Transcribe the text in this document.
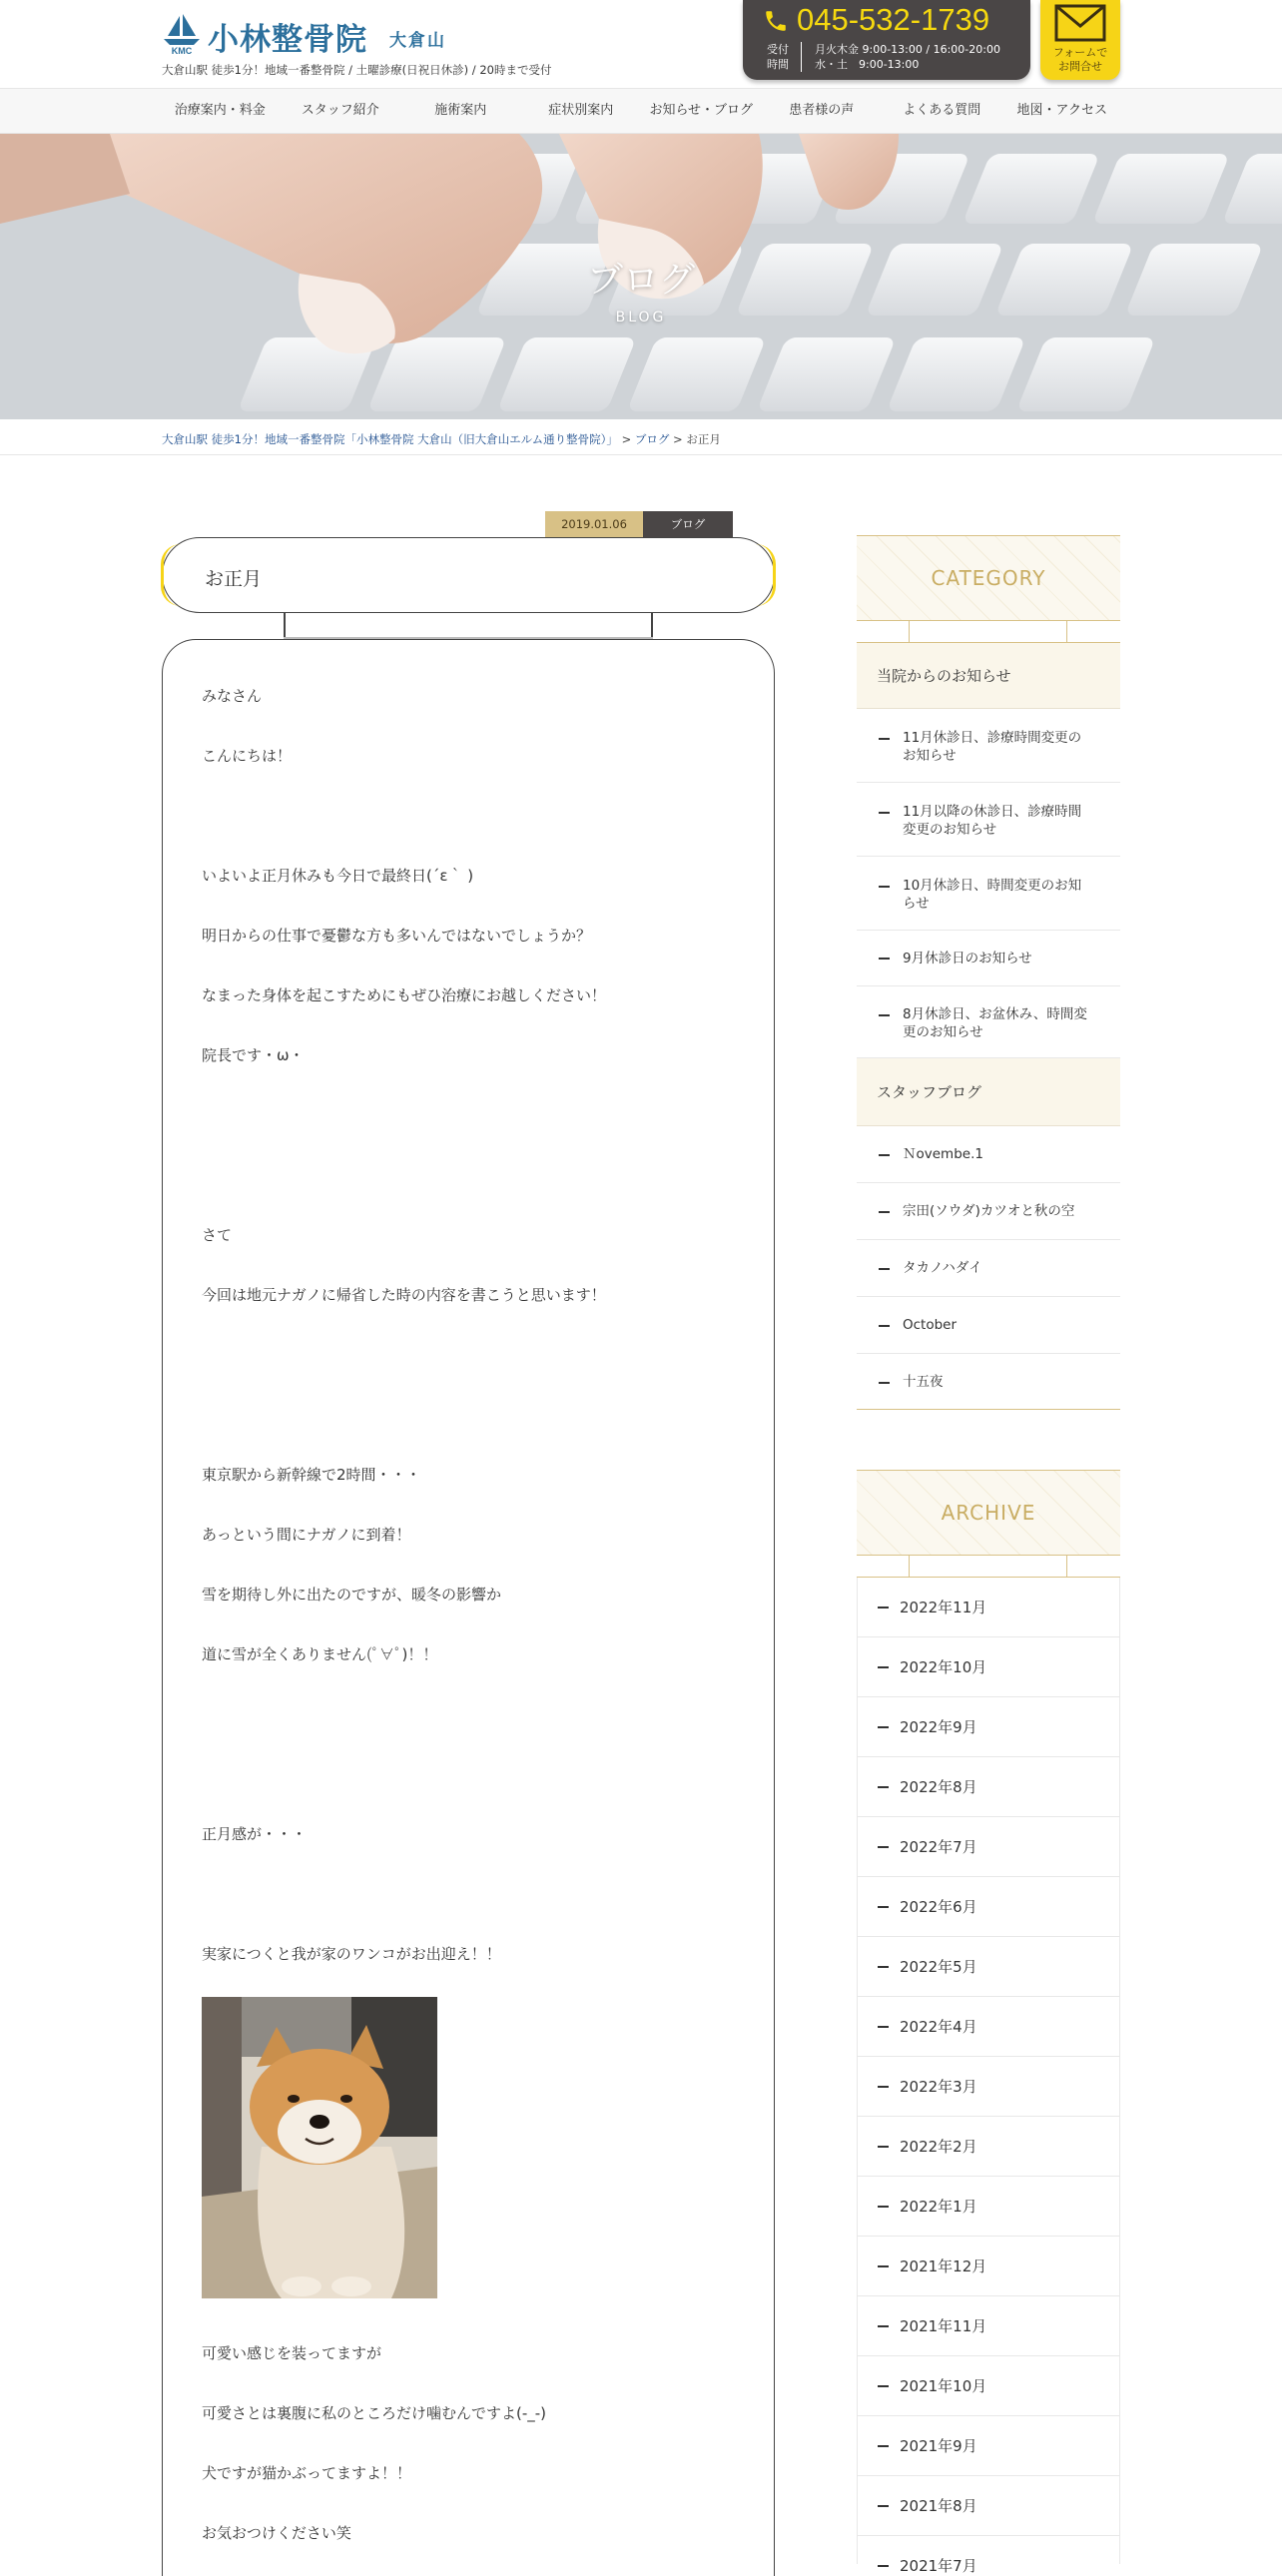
KMC 小林整骨院 大倉山
大倉山駅 徒歩1分！地域一番整骨院 / 土曜診療(日祝日休診) / 20時まで受付
045-532-1739
受付
時間
月火木金 9:00-13:00 / 16:00-20:00
水・土　9:00-13:00
フォームで
お問合せ
治療案内・料金	スタッフ紹介	施術案内	症状別案内	お知らせ・ブログ	患者様の声	よくある質問	地図・アクセス
ブログ
BLOG
大倉山駅 徒歩1分！地域一番整骨院「小林整骨院 大倉山（旧大倉山エルム通り整骨院）」 > ブログ > お正月
2019.01.06	ブログ
お正月
みなさん
こんにちは！
いよいよ正月休みも今日で最終日(´ε｀ )
明日からの仕事で憂鬱な方も多いんではないでしょうか？
なまった身体を起こすためにもぜひ治療にお越しください！
院長です・ω・
さて
今回は地元ナガノに帰省した時の内容を書こうと思います！
東京駅から新幹線で2時間・・・
あっという間にナガノに到着！
雪を期待し外に出たのですが、暖冬の影響か
道に雪が全くありません(ﾟ∀ﾟ)！！
正月感が・・・
実家につくと我が家のワンコがお出迎え！！
可愛い感じを装ってますが
可愛さとは裏腹に私のところだけ噛むんですよ(-_-)
犬ですが猫かぶってますよ！！
お気おつけください笑
CATEGORY
当院からのお知らせ
11月休診日、診療時間変更の
お知らせ
11月以降の休診日、診療時間
変更のお知らせ
10月休診日、時間変更のお知
らせ
9月休診日のお知らせ
8月休診日、お盆休み、時間変
更のお知らせ
スタッフブログ
Ｎovembe.1
宗田(ソウダ)カツオと秋の空
タカノハダイ
October
十五夜
ARCHIVE
2022年11月
2022年10月
2022年9月
2022年8月
2022年7月
2022年6月
2022年5月
2022年4月
2022年3月
2022年2月
2022年1月
2021年12月
2021年11月
2021年10月
2021年9月
2021年8月
2021年7月
